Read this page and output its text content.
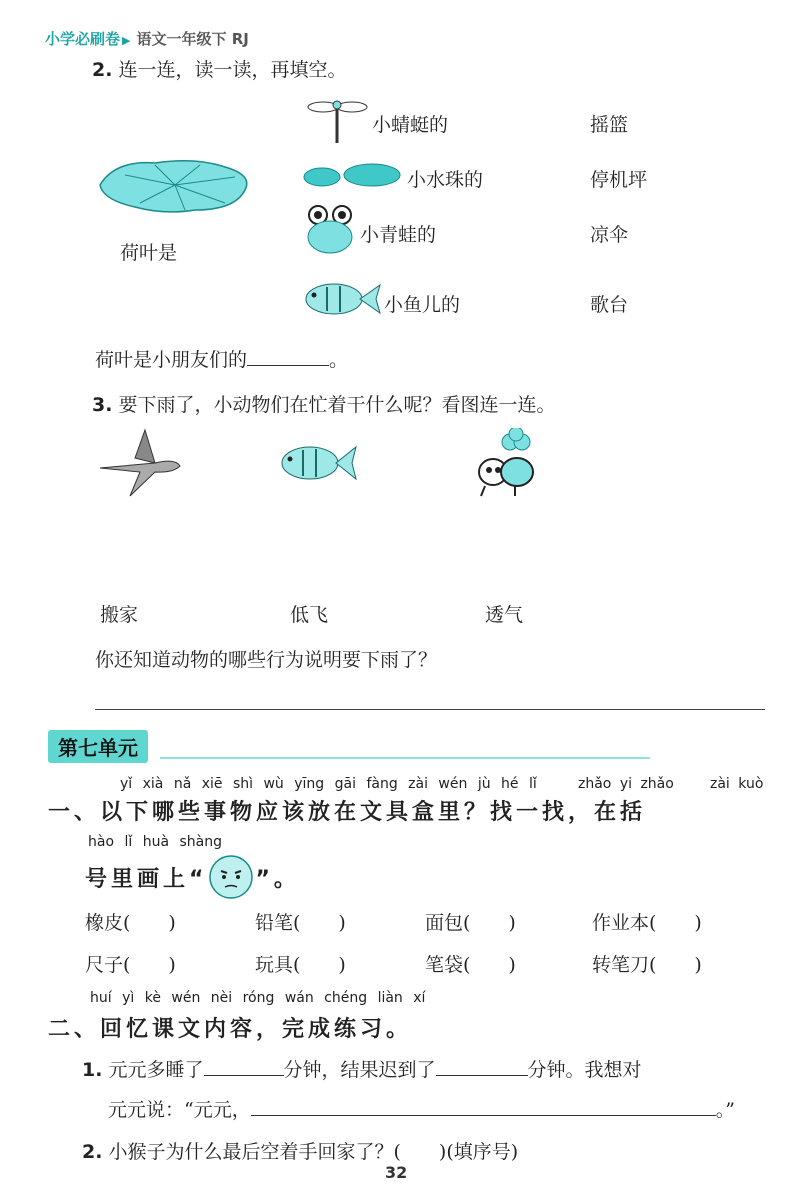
小学必刷卷 ▶ 语文一年级下 RJ
2. 连一连，读一读，再填空。
荷叶是
小蜻蜓的
小水珠的
小青蛙的
小鱼儿的
摇篮
停机坪
凉伞
歌台
荷叶是小朋友们的	。
3. 要下雨了，小动物们在忙着干什么呢？看图连一连。
搬家	低飞	透气
你还知道动物的哪些行为说明要下雨了？
第七单元
yǐ xià nǎ xiē shì wù yīng gāi fàng zài wén jù hé lǐ	zhǎo yi zhǎo	zài kuò
一、以下哪些事物应该放在文具盒里？找一找，在括
hào lǐ huà shàng
号里画上“ ”。
橡皮(　　)	铅笔(　　)	面包(　　)	作业本(　　)
尺子(　　)	玩具(　　)	笔袋(　　)	转笔刀(　　)
huí yì kè wén nèi róng wán chéng liàn xí
二、回忆课文内容，完成练习。
1. 元元多睡了	分钟，结果迟到了	分钟。我想对
元元说：“元元，	。”
2. 小猴子为什么最后空着手回家了？(　　)(填序号)
32
